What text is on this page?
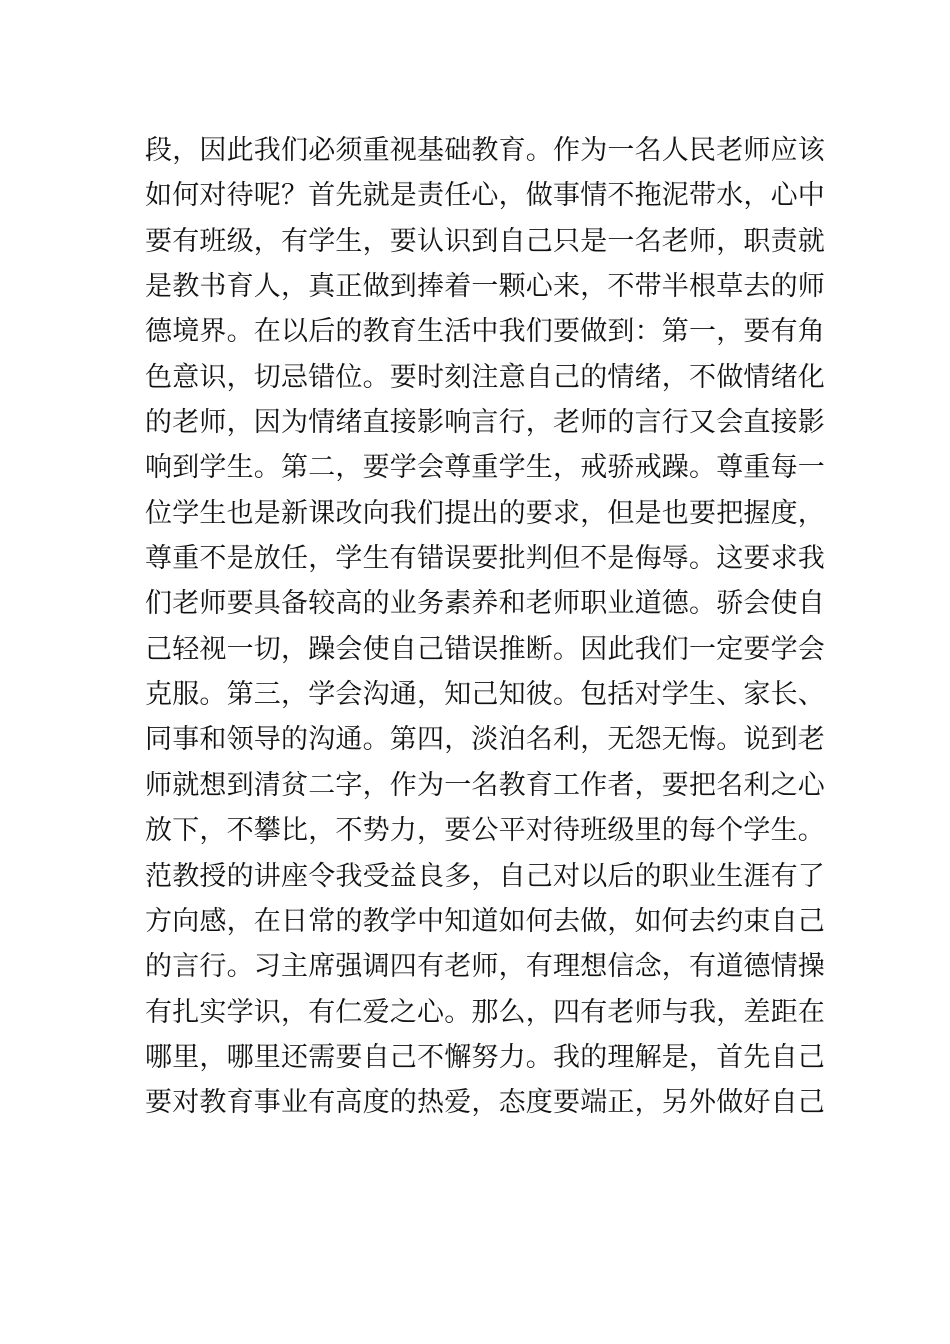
段，因此我们必须重视基础教育。作为一名人民老师应该
如何对待呢？首先就是责任心，做事情不拖泥带水，心中
要有班级，有学生，要认识到自己只是一名老师，职责就
是教书育人，真正做到捧着一颗心来，不带半根草去的师
德境界。在以后的教育生活中我们要做到：第一，要有角
色意识，切忌错位。要时刻注意自己的情绪，不做情绪化
的老师，因为情绪直接影响言行，老师的言行又会直接影
响到学生。第二，要学会尊重学生，戒骄戒躁。尊重每一
位学生也是新课改向我们提出的要求，但是也要把握度，
尊重不是放任，学生有错误要批判但不是侮辱。这要求我
们老师要具备较高的业务素养和老师职业道德。骄会使自
己轻视一切，躁会使自己错误推断。因此我们一定要学会
克服。第三，学会沟通，知己知彼。包括对学生、家长、
同事和领导的沟通。第四，淡泊名利，无怨无悔。说到老
师就想到清贫二字，作为一名教育工作者，要把名利之心
放下，不攀比，不势力，要公平对待班级里的每个学生。
范教授的讲座令我受益良多，自己对以后的职业生涯有了
方向感，在日常的教学中知道如何去做，如何去约束自己
的言行。习主席强调四有老师，有理想信念，有道德情操
有扎实学识，有仁爱之心。那么，四有老师与我，差距在
哪里，哪里还需要自己不懈努力。我的理解是，首先自己
要对教育事业有高度的热爱，态度要端正，另外做好自己
